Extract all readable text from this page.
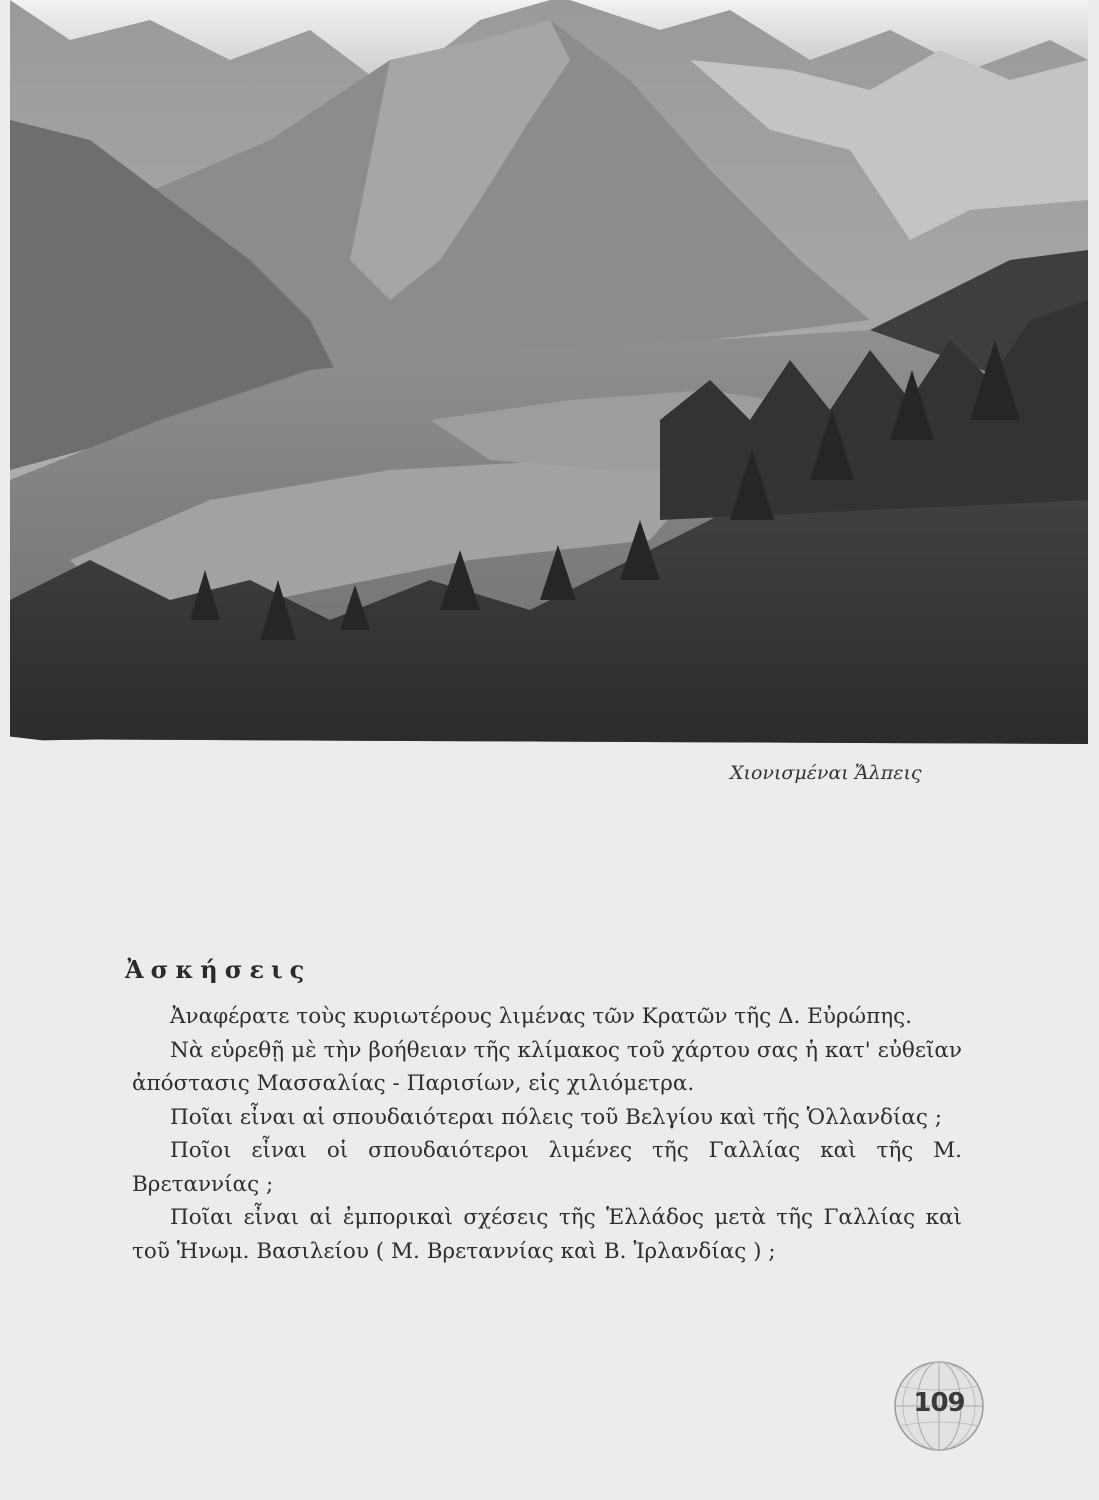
Χιονισμέναι Ἄλπεις
Ἀσκήσεις

Ἀναφέρατε τοὺς κυριωτέρους λιμένας τῶν Κρατῶν τῆς Δ. Εὐρώπης.

Νὰ εὑρεθῇ μὲ τὴν βοήθειαν τῆς κλίμακος τοῦ χάρτου σας ἡ κατ' εὐθεῖαν ἀπόστασις Μασσαλίας - Παρισίων, εἰς χιλιόμετρα.

Ποῖαι εἶναι αἱ σπουδαιότεραι πόλεις τοῦ Βελγίου καὶ τῆς Ὁλλανδίας ;

Ποῖοι εἶναι οἱ σπουδαιότεροι λιμένες τῆς Γαλλίας καὶ τῆς Μ. Βρεταννίας ;

Ποῖαι εἶναι αἱ ἐμπορικαὶ σχέσεις τῆς Ἑλλάδος μετὰ τῆς Γαλλίας καὶ τοῦ Ἡνωμ. Βασιλείου ( Μ. Βρεταννίας καὶ Β. Ἰρλανδίας ) ;

109
